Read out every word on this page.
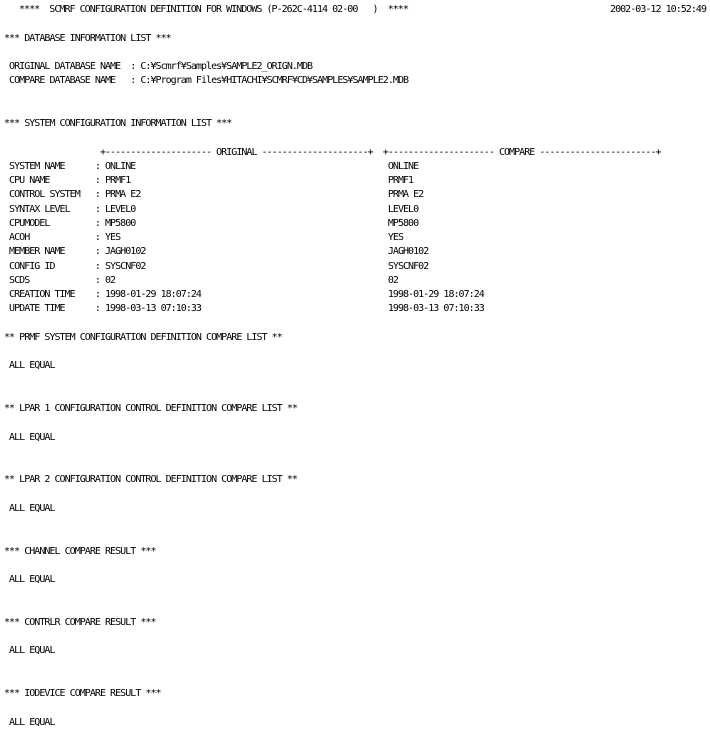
****  SCMRF CONFIGURATION DEFINITION FOR WINDOWS (P-262C-4114 02-00   )  ****	2002-03-12 10:52:49
*** DATABASE INFORMATION LIST ***
ORIGINAL DATABASE NAME  : C:¥Scmrf¥Samples¥SAMPLE2_ORIGN.MDB
COMPARE DATABASE NAME   : C:¥Program Files¥HITACHI¥SCMRF¥CD¥SAMPLES¥SAMPLE2.MDB
*** SYSTEM CONFIGURATION INFORMATION LIST ***
+--------------------- ORIGINAL ---------------------+  +--------------------- COMPARE -----------------------+
SYSTEM NAME      : ONLINE                                                  ONLINE
CPU NAME         : PRMF1                                                   PRMF1
CONTROL SYSTEM   : PRMA E2                                                 PRMA E2
SYNTAX LEVEL     : LEVEL0                                                  LEVEL0
CPUMODEL         : MP5800                                                  MP5800
ACOH             : YES                                                     YES
MEMBER NAME      : JAGH0102                                                JAGH0102
CONFIG ID        : SYSCNF02                                                SYSCNF02
SCDS             : 02                                                      02
CREATION TIME    : 1998-01-29 18:07:24                                     1998-01-29 18:07:24
UPDATE TIME      : 1998-03-13 07:10:33                                     1998-03-13 07:10:33
** PRMF SYSTEM CONFIGURATION DEFINITION COMPARE LIST **
ALL EQUAL
** LPAR 1 CONFIGURATION CONTROL DEFINITION COMPARE LIST **
ALL EQUAL
** LPAR 2 CONFIGURATION CONTROL DEFINITION COMPARE LIST **
ALL EQUAL
*** CHANNEL COMPARE RESULT ***
ALL EQUAL
*** CONTRLR COMPARE RESULT ***
ALL EQUAL
*** IODEVICE COMPARE RESULT ***
ALL EQUAL
